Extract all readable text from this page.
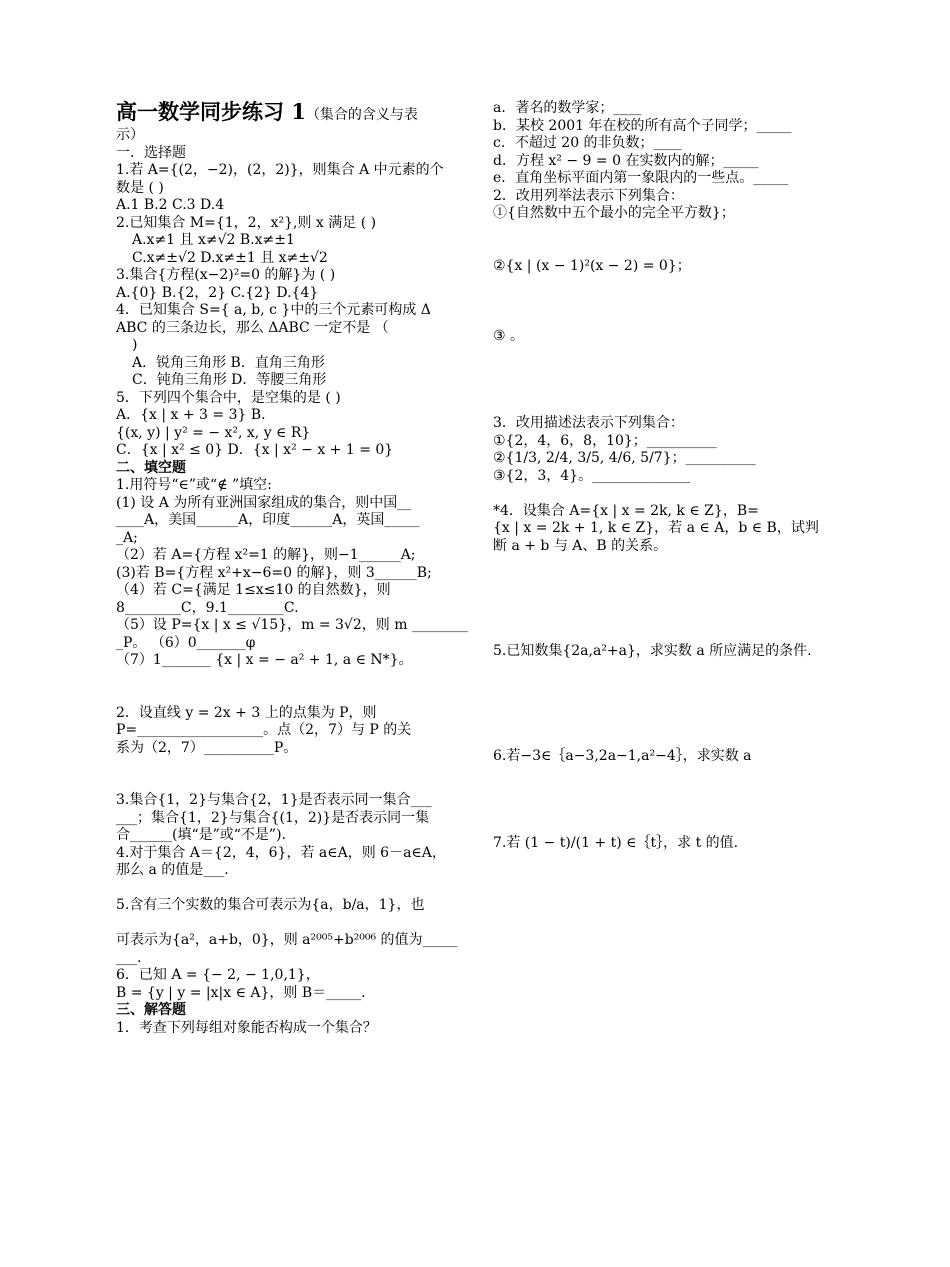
高一数学同步练习 1（集合的含义与表
示）
一．选择题
1.若 A={(2，−2)，(2，2)}，则集合 A 中元素的个
数是 ( )
A.1 B.2 C.3 D.4
2.已知集合 M={1，2，x²},则 x 满足 ( )
A.x≠1 且 x≠√2 B.x≠±1
C.x≠±√2 D.x≠±1 且 x≠±√2
3.集合{方程(x−2)²=0 的解}为 ( )
A.{0} B.{2，2} C.{2} D.{4}
4．已知集合 S={ a, b, c }中的三个元素可构成 Δ
ABC 的三条边长，那么 ΔABC 一定不是 （
)
A．锐角三角形 B．直角三角形
C．钝角三角形 D．等腰三角形
5．下列四个集合中，是空集的是 ( )
A．{x | x + 3 = 3} B．
{(x, y) | y² = − x², x, y ∈ R}
C．{x | x² ≤ 0} D．{x | x² − x + 1 = 0}
二、填空题
1.用符号“∈”或“∉ ”填空:
(1) 设 A 为所有亚洲国家组成的集合，则中国__
____A，美国______A，印度______A，英国_____
_A;
（2）若 A={方程 x²=1 的解}，则−1______A;
(3)若 B={方程 x²+x−6=0 的解}，则 3______B;
（4）若 C={满足 1≤x≤10 的自然数}，则
8________C，9.1________C.
（5）设 P={x | x ≤ √15}，m = 3√2，则 m ________
_P。 （6）0_______φ
（7）1_______ {x | x = − a² + 1, a ∈ N*}。
2．设直线 y = 2x + 3 上的点集为 P，则
P=__________________。点（2，7）与 P 的关
系为（2，7）__________P。
3.集合{1，2}与集合{2，1}是否表示同一集合___
___；集合{1，2}与集合{(1，2)}是否表示同一集
合______(填“是”或“不是”).
4.对于集合 A＝{2，4，6}，若 a∈A，则 6－a∈A，
那么 a 的值是___.
5.含有三个实数的集合可表示为{a，b/a，1}，也
可表示为{a²，a+b，0}，则 a²⁰⁰⁵+b²⁰⁰⁶ 的值为_____
___.
6．已知 A = {− 2, − 1,0,1}，
B = {y | y = |x|x ∈ A}，则 B＝_____.
三、解答题
1．考查下列每组对象能否构成一个集合？
a．著名的数学家；____
b．某校 2001 年在校的所有高个子同学；_____
c．不超过 20 的非负数；____
d．方程 x² − 9 = 0 在实数内的解；_____
e．直角坐标平面内第一象限内的一些点。_____
2．改用列举法表示下列集合：
①{自然数中五个最小的完全平方数}；
②{x | (x − 1)²(x − 2) = 0}；
③ 。
3．改用描述法表示下列集合：
①{2，4，6，8，10}；__________
②{1/3, 2/4, 3/5, 4/6, 5/7}；__________
③{2，3，4}。______________
*4．设集合 A={x | x = 2k, k ∈ Z}，B=
{x | x = 2k + 1, k ∈ Z}，若 a ∈ A，b ∈ B，试判
断 a + b 与 A、B 的关系。
5.已知数集{2a,a²+a}，求实数 a 所应满足的条件.
6.若−3∈｛a−3,2a−1,a²−4｝，求实数 a
7.若 (1 − t)/(1 + t) ∈｛t｝，求 t 的值.
